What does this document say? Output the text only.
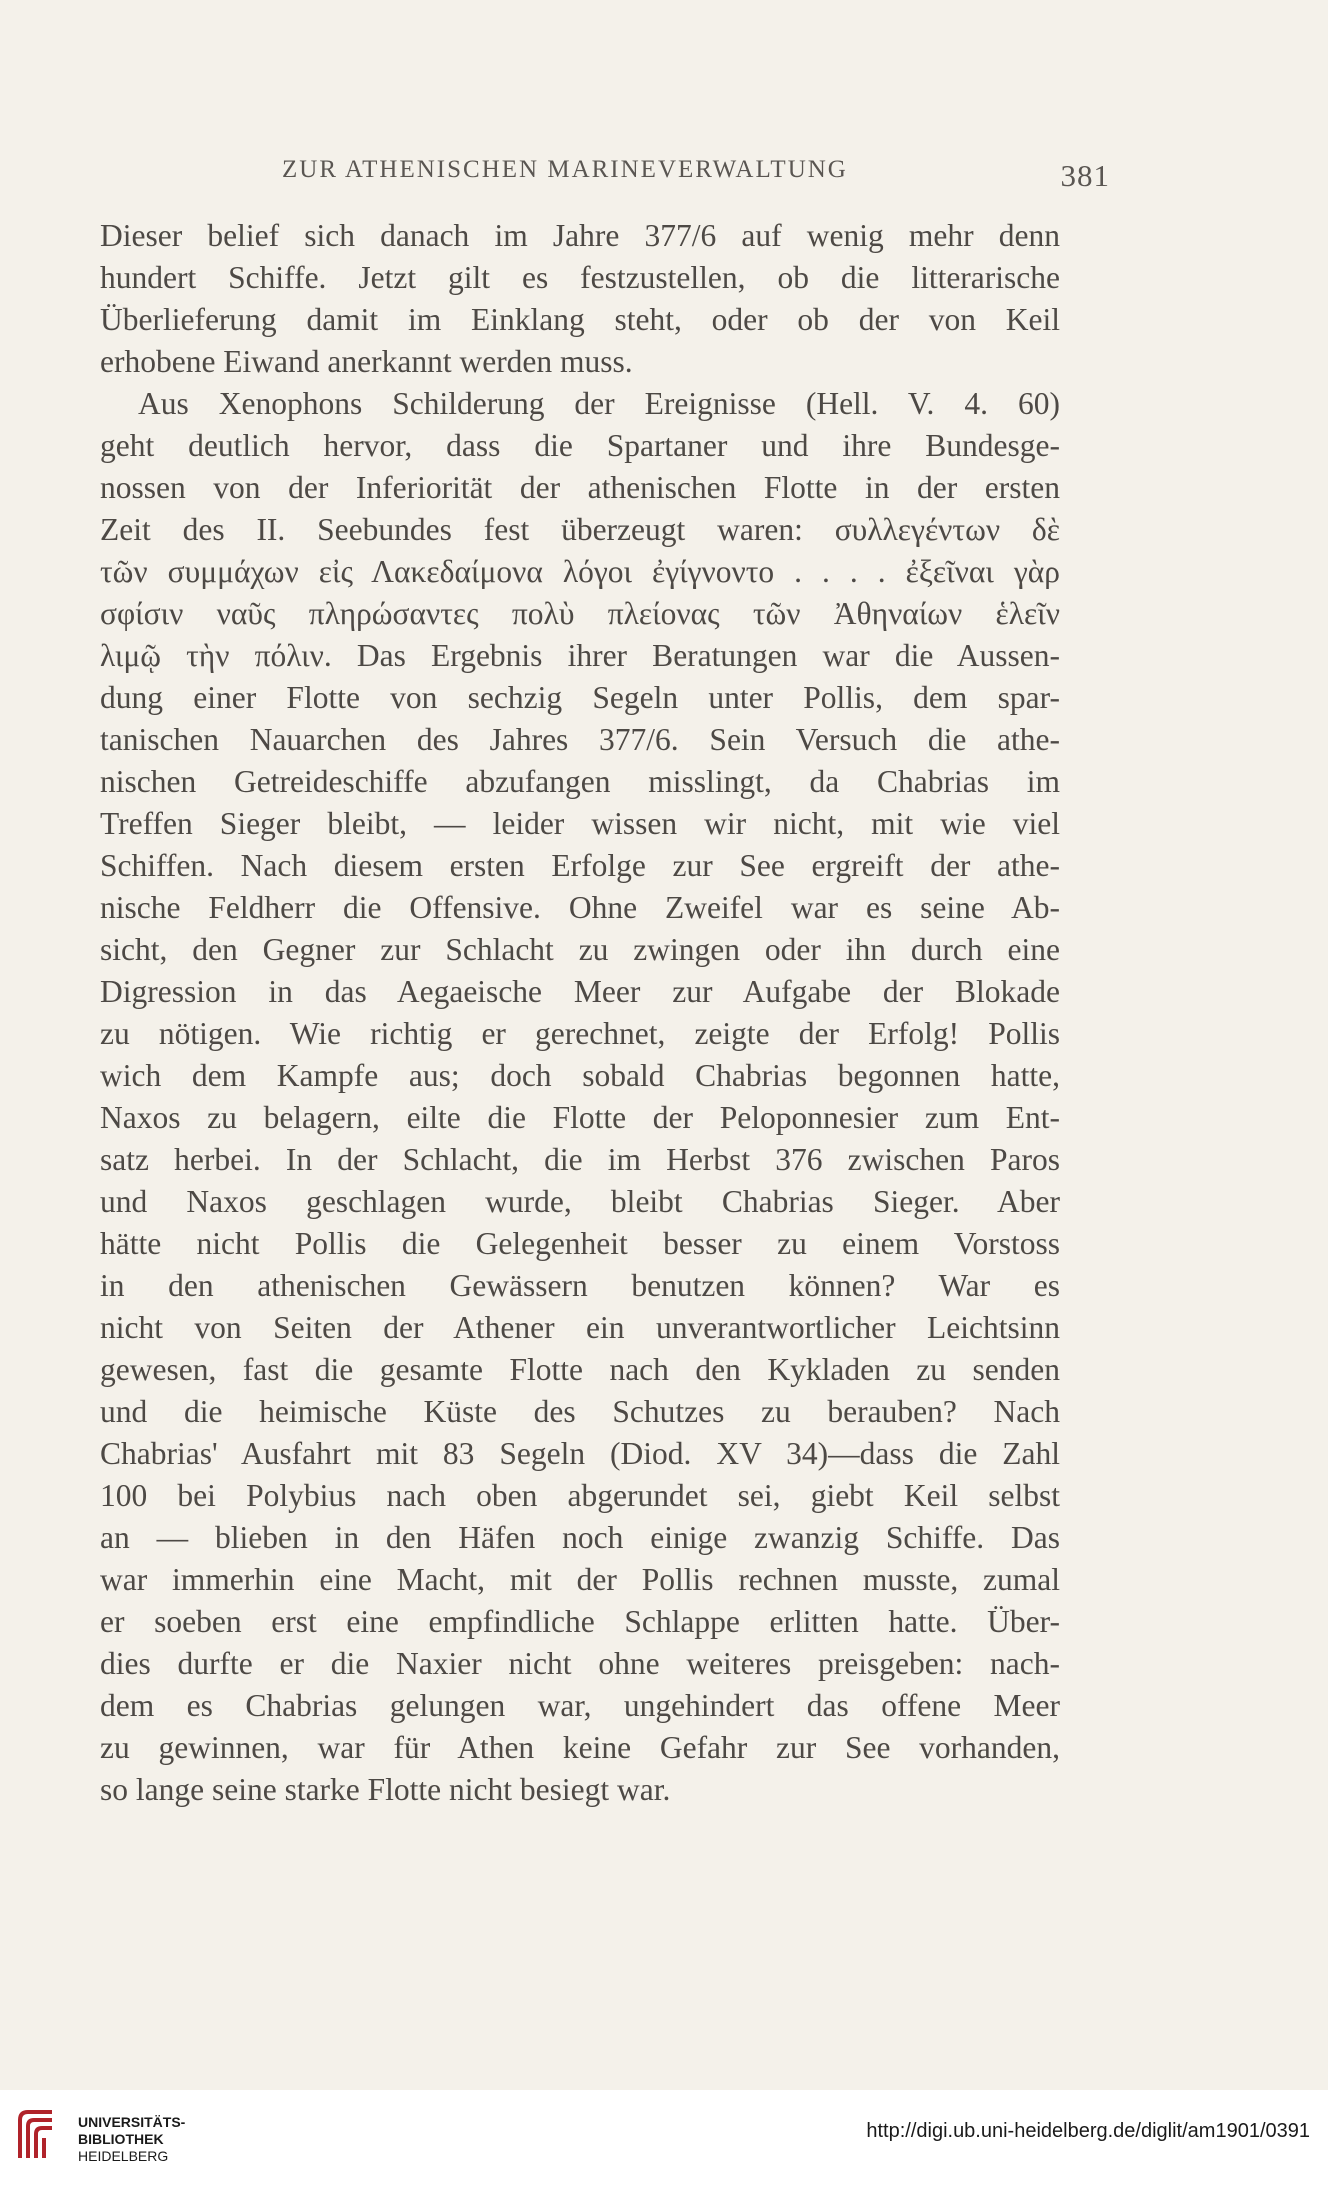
ZUR ATHENISCHEN MARINEVERWALTUNG	381
Dieser belief sich danach im Jahre 377/6 auf wenig mehr denn
hundert Schiffe. Jetzt gilt es festzustellen, ob die litterarische
Überlieferung damit im Einklang steht, oder ob der von Keil
erhobene Eiwand anerkannt werden muss.
Aus Xenophons Schilderung der Ereignisse (Hell. V. 4. 60)
geht deutlich hervor, dass die Spartaner und ihre Bundesge-
nossen von der Inferiorität der athenischen Flotte in der ersten
Zeit des II. Seebundes fest überzeugt waren: συλλεγέντων δὲ
τῶν συμμάχων εἰς Λακεδαίμονα λόγοι ἐγίγνοντο . . . . ἐξεῖναι γὰρ
σφίσιν ναῦς πληρώσαντες πολὺ πλείονας τῶν Ἀθηναίων ἑλεῖν
λιμῷ τὴν πόλιν. Das Ergebnis ihrer Beratungen war die Aussen-
dung einer Flotte von sechzig Segeln unter Pollis, dem spar-
tanischen Nauarchen des Jahres 377/6. Sein Versuch die athe-
nischen Getreideschiffe abzufangen misslingt, da Chabrias im
Treffen Sieger bleibt, — leider wissen wir nicht, mit wie viel
Schiffen. Nach diesem ersten Erfolge zur See ergreift der athe-
nische Feldherr die Offensive. Ohne Zweifel war es seine Ab-
sicht, den Gegner zur Schlacht zu zwingen oder ihn durch eine
Digression in das Aegaeische Meer zur Aufgabe der Blokade
zu nötigen. Wie richtig er gerechnet, zeigte der Erfolg! Pollis
wich dem Kampfe aus; doch sobald Chabrias begonnen hatte,
Naxos zu belagern, eilte die Flotte der Peloponnesier zum Ent-
satz herbei. In der Schlacht, die im Herbst 376 zwischen Paros
und Naxos geschlagen wurde, bleibt Chabrias Sieger. Aber
hätte nicht Pollis die Gelegenheit besser zu einem Vorstoss
in den athenischen Gewässern benutzen können? War es
nicht von Seiten der Athener ein unverantwortlicher Leichtsinn
gewesen, fast die gesamte Flotte nach den Kykladen zu senden
und die heimische Küste des Schutzes zu berauben? Nach
Chabrias' Ausfahrt mit 83 Segeln (Diod. XV 34)—dass die Zahl
100 bei Polybius nach oben abgerundet sei, giebt Keil selbst
an — blieben in den Häfen noch einige zwanzig Schiffe. Das
war immerhin eine Macht, mit der Pollis rechnen musste, zumal
er soeben erst eine empfindliche Schlappe erlitten hatte. Über-
dies durfte er die Naxier nicht ohne weiteres preisgeben: nach-
dem es Chabrias gelungen war, ungehindert das offene Meer
zu gewinnen, war für Athen keine Gefahr zur See vorhanden,
so lange seine starke Flotte nicht besiegt war.
UNIVERSITÄTS-
BIBLIOTHEK
HEIDELBERG
http://digi.ub.uni-heidelberg.de/diglit/am1901/0391
